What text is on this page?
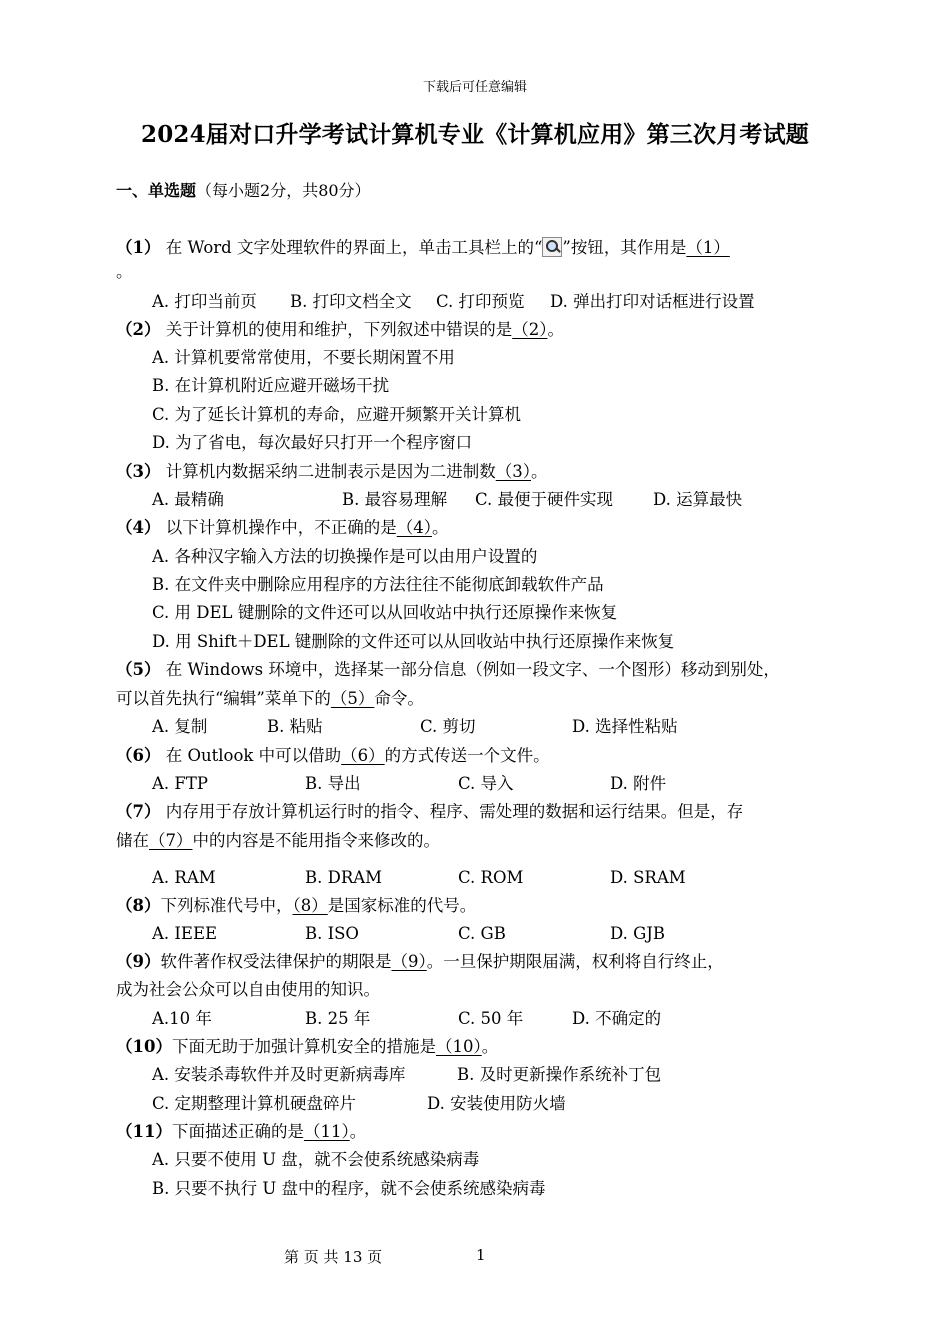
下载后可任意编辑
2024届对口升学考试计算机专业《计算机应用》第三次月考试题
一、单选题（每小题2分，共80分）
（1） 在 Word 文字处理软件的界面上，单击工具栏上的“ ”按钮，其作用是（1）
。
A. 打印当前页 B. 打印文档全文 C. 打印预览 D. 弹出打印对话框进行设置
（2） 关于计算机的使用和维护，下列叙述中错误的是（2）。
A. 计算机要常常使用，不要长期闲置不用
B. 在计算机附近应避开磁场干扰
C. 为了延长计算机的寿命，应避开频繁开关计算机
D. 为了省电，每次最好只打开一个程序窗口
（3） 计算机内数据采纳二进制表示是因为二进制数（3）。
A. 最精确	B. 最容易理解 C. 最便于硬件实现 D. 运算最快
（4） 以下计算机操作中，不正确的是（4）。
A. 各种汉字输入方法的切换操作是可以由用户设置的
B. 在文件夹中删除应用程序的方法往往不能彻底卸载软件产品
C. 用 DEL 键删除的文件还可以从回收站中执行还原操作来恢复
D. 用 Shift＋DEL 键删除的文件还可以从回收站中执行还原操作来恢复
（5） 在 Windows 环境中，选择某一部分信息（例如一段文字、一个图形）移动到别处，
可以首先执行“编辑”菜单下的（5）命令。
A. 复制	B. 粘贴	C. 剪切	D. 选择性粘贴
（6） 在 Outlook 中可以借助（6）的方式传送一个文件。
A. FTP	B. 导出	C. 导入	D. 附件
（7） 内存用于存放计算机运行时的指令、程序、需处理的数据和运行结果。但是，存
储在（7）中的内容是不能用指令来修改的。
A. RAM	B. DRAM	C. ROM	D. SRAM
（8）下列标准代号中，（8）是国家标准的代号。
A. IEEE	B. ISO	C. GB	D. GJB
（9）软件著作权受法律保护的期限是（9）。一旦保护期限届满，权利将自行终止，
成为社会公众可以自由使用的知识。
A.10 年	B. 25 年	C. 50 年	D. 不确定的
（10）下面无助于加强计算机安全的措施是（10）。
A. 安装杀毒软件并及时更新病毒库	B. 及时更新操作系统补丁包
C. 定期整理计算机硬盘碎片	D. 安装使用防火墙
（11）下面描述正确的是（11）。
A. 只要不使用 U 盘，就不会使系统感染病毒
B. 只要不执行 U 盘中的程序，就不会使系统感染病毒
第 页 共 13 页	1
